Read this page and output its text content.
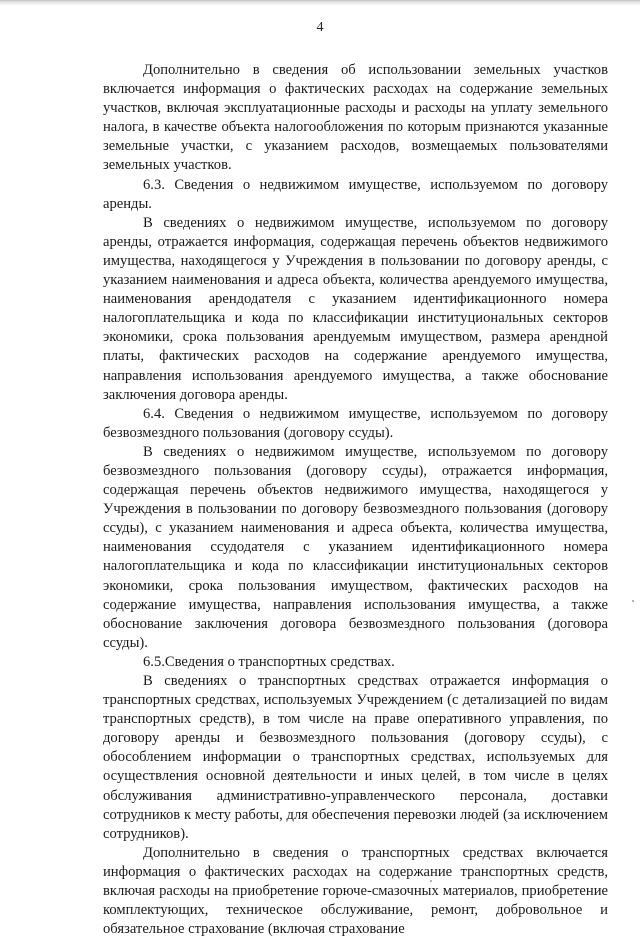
4

Дополнительно в сведения об использовании земельных участков включается информация о фактических расходах на содержание земельных участков, включая эксплуатационные расходы и расходы на уплату земельного налога, в качестве объекта налогообложения по которым признаются указанные земельные участки, с указанием расходов, возмещаемых пользователями земельных участков.

6.3. Сведения о недвижимом имуществе, используемом по договору аренды.

В сведениях о недвижимом имуществе, используемом по договору аренды, отражается информация, содержащая перечень объектов недвижимого имущества, находящегося у Учреждения в пользовании по договору аренды, с указанием наименования и адреса объекта, количества арендуемого имущества, наименования арендодателя с указанием идентификационного номера налогоплательщика и кода по классификации институциональных секторов экономики, срока пользования арендуемым имуществом, размера арендной платы, фактических расходов на содержание арендуемого имущества, направления использования арендуемого имущества, а также обоснование заключения договора аренды.

6.4. Сведения о недвижимом имуществе, используемом по договору безвозмездного пользования (договору ссуды).

В сведениях о недвижимом имуществе, используемом по договору безвозмездного пользования (договору ссуды), отражается информация, содержащая перечень объектов недвижимого имущества, находящегося у Учреждения в пользовании по договору безвозмездного пользования (договору ссуды), с указанием наименования и адреса объекта, количества имущества, наименования ссудодателя с указанием идентификационного номера налогоплательщика и кода по классификации институциональных секторов экономики, срока пользования имуществом, фактических расходов на содержание имущества, направления использования имущества, а также обоснование заключения договора безвозмездного пользования (договора ссуды).

6.5.Сведения о транспортных средствах.

В сведениях о транспортных средствах отражается информация о транспортных средствах, используемых Учреждением (с детализацией по видам транспортных средств), в том числе на праве оперативного управления, по договору аренды и безвозмездного пользования (договору ссуды), с обособлением информации о транспортных средствах, используемых для осуществления основной деятельности и иных целей, в том числе в целях обслуживания административно-управленческого персонала, доставки сотрудников к месту работы, для обеспечения перевозки людей (за исключением сотрудников).

Дополнительно в сведения о транспортных средствах включается информация о фактических расходах на содержание транспортных средств, включая расходы на приобретение горюче-смазочных материалов, приобретение комплектующих, техническое обслуживание, ремонт, добровольное и обязательное страхование (включая страхование
